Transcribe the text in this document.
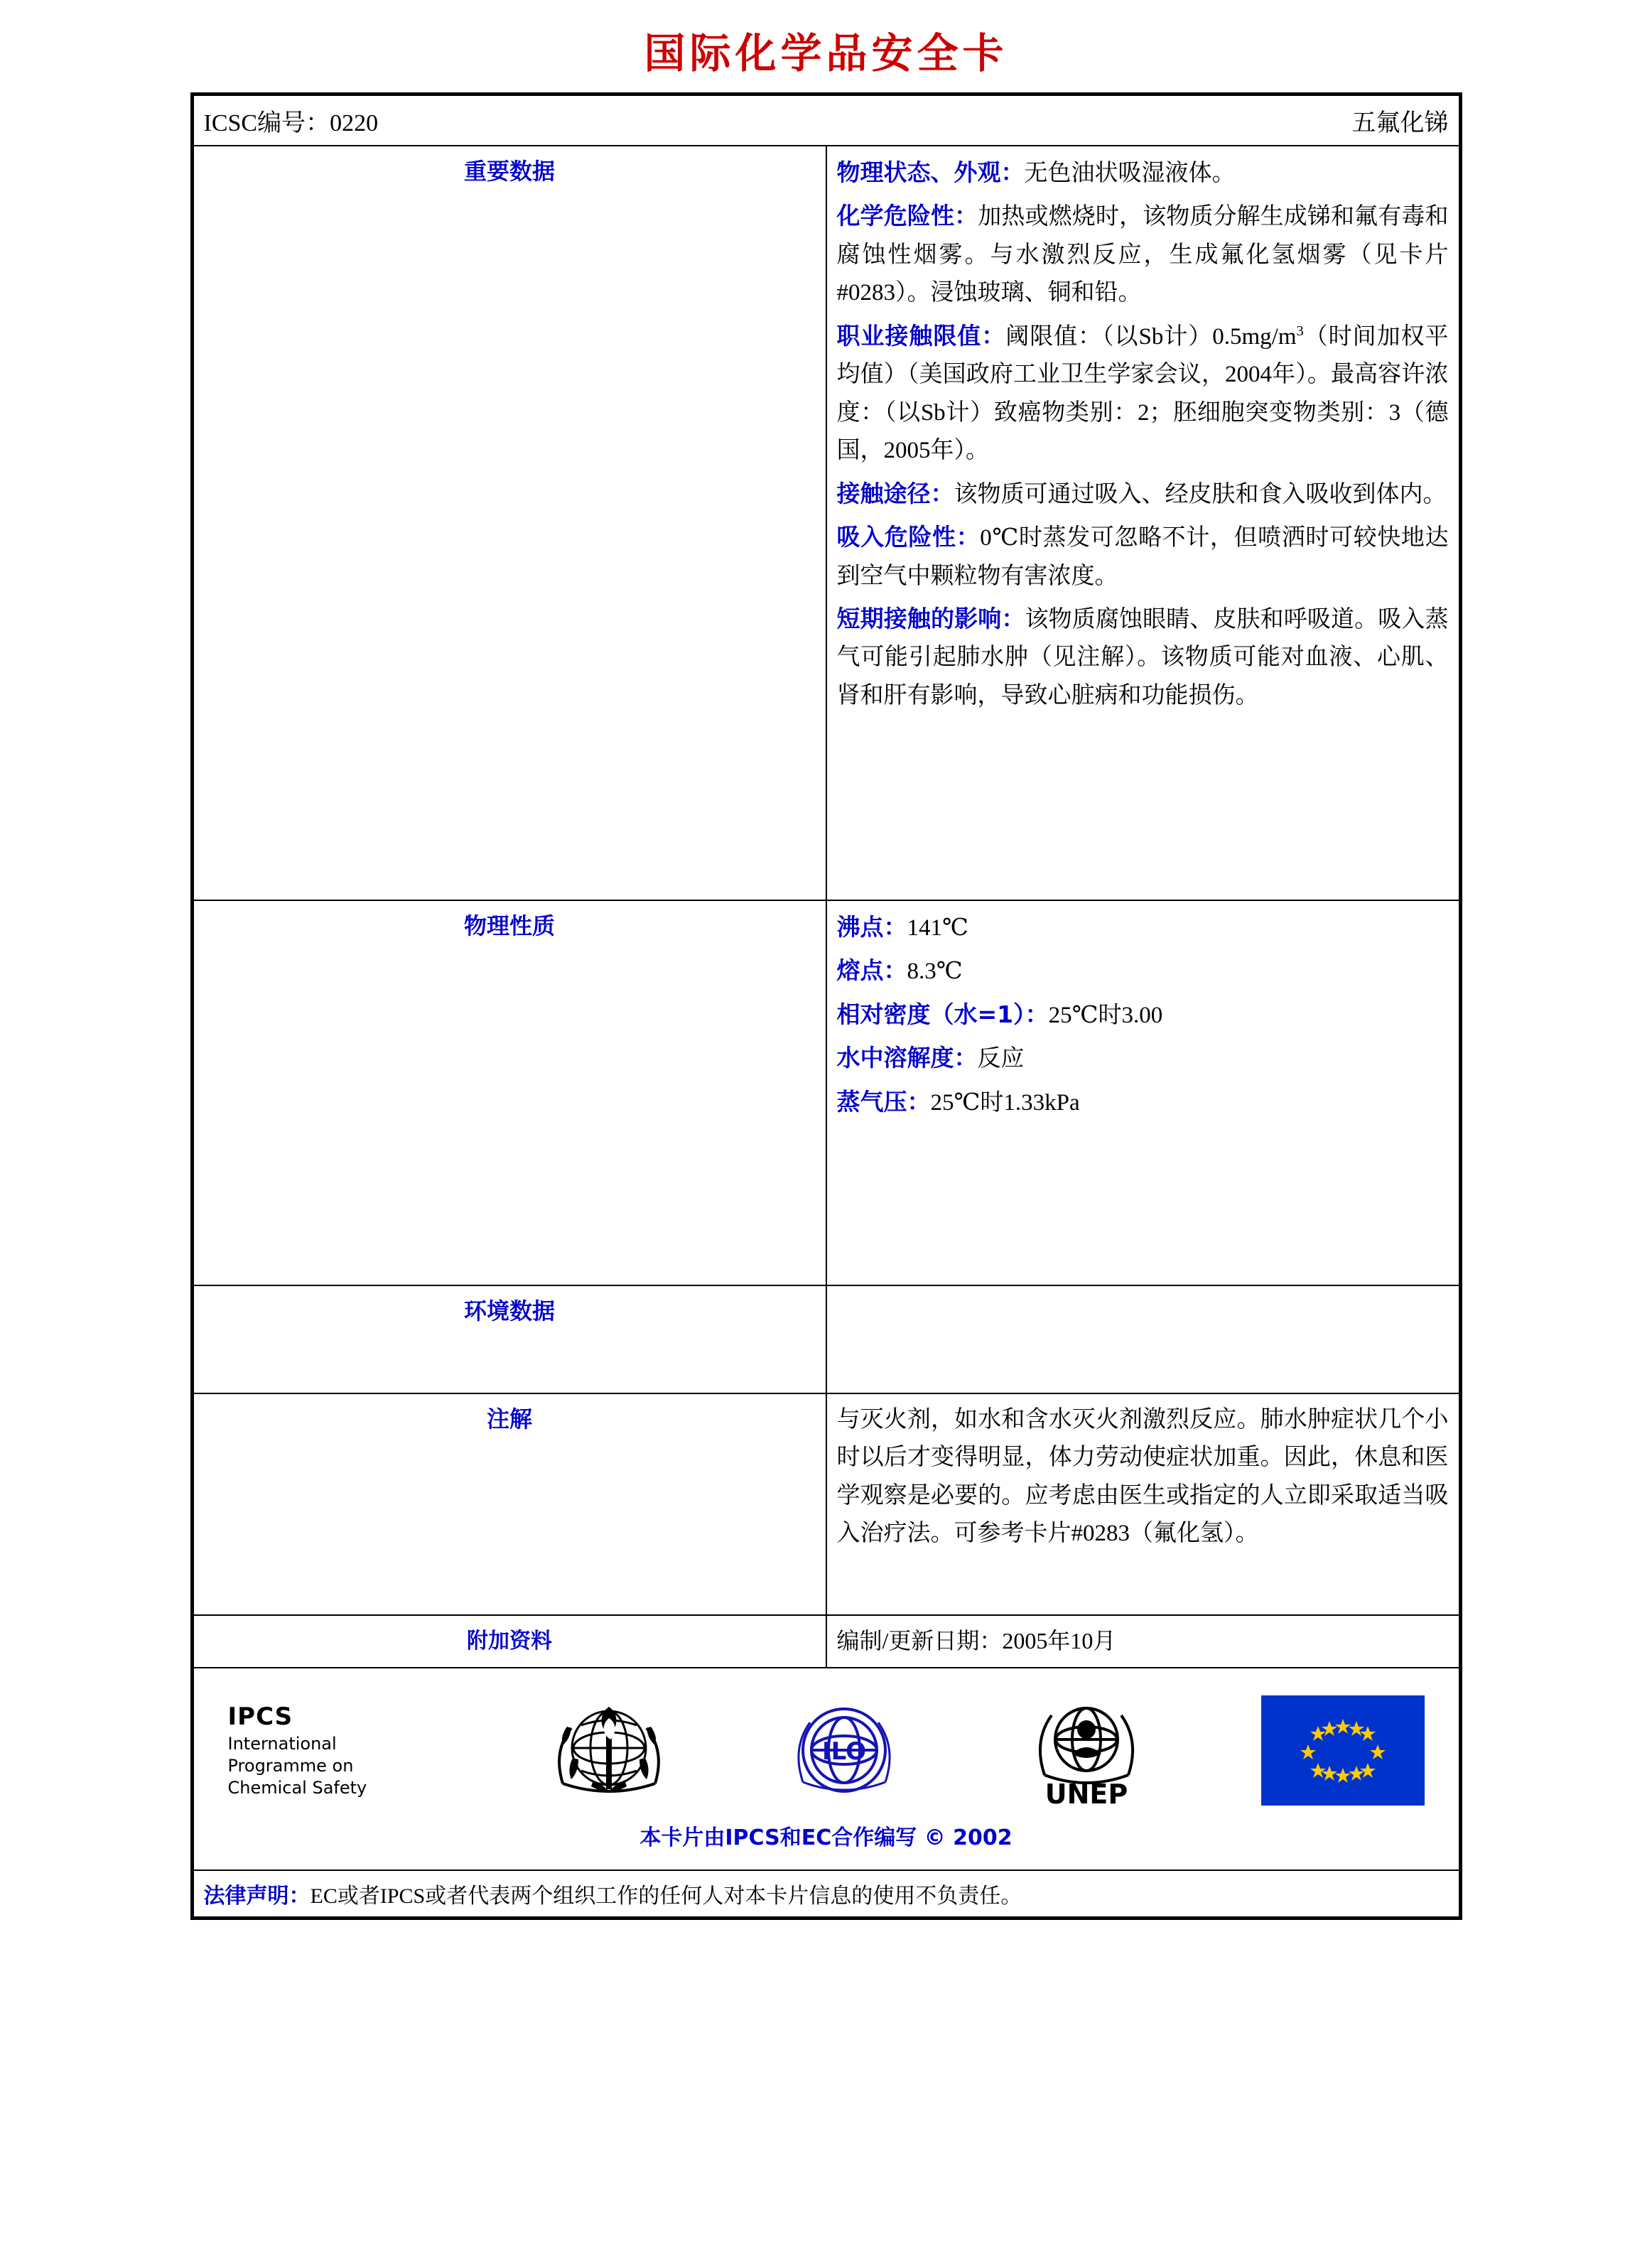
国际化学品安全卡
ICSC编号：0220 五氟化锑	

重要数据	物理状态、外观：无色油状吸湿液体。

化学危险性：加热或燃烧时，该物质分解生成锑和氟有毒和腐蚀性烟雾。与水激烈反应，生成氟化氢烟雾（见卡片#0283）。浸蚀玻璃、铜和铅。

职业接触限值：阈限值：（以Sb计）$0.5mg/m^3$（时间加权平均值）（美国政府工业卫生学家会议，2004年）。最高容许浓度：（以Sb计）致癌物类别：2；胚细胞突变物类别：3（德国，2005年）。

接触途径：该物质可通过吸入、经皮肤和食入吸收到体内。

吸入危险性：0℃时蒸发可忽略不计，但喷洒时可较快地达到空气中颗粒物有害浓度。

短期接触的影响：该物质腐蚀眼睛、皮肤和呼吸道。吸入蒸气可能引起肺水肿（见注解）。该物质可能对血液、心肌、肾和肝有影响，导致心脏病和功能损伤。

物理性质	沸点：141℃

熔点：8.3℃

相对密度（水=1）：25℃时3.00

水中溶解度：反应

蒸气压：25℃时1.33kPa

环境数据	
注解	与灭火剂，如水和含水灭火剂激烈反应。肺水肿症状几个小时以后才变得明显，体力劳动使症状加重。因此，休息和医学观察是必要的。应考虑由医生或指定的人立即采取适当吸入治疗法。可参考卡片#0283（氟化氢）。
附加资料	编制/更新日期：2005年10月

IPCS
International
Programme on
Chemical Safety
ILO
UNEP
本卡片由IPCS和EC合作编写 © 2002

法律声明：EC或者IPCS或者代表两个组织工作的任何人对本卡片信息的使用不负责任。	
